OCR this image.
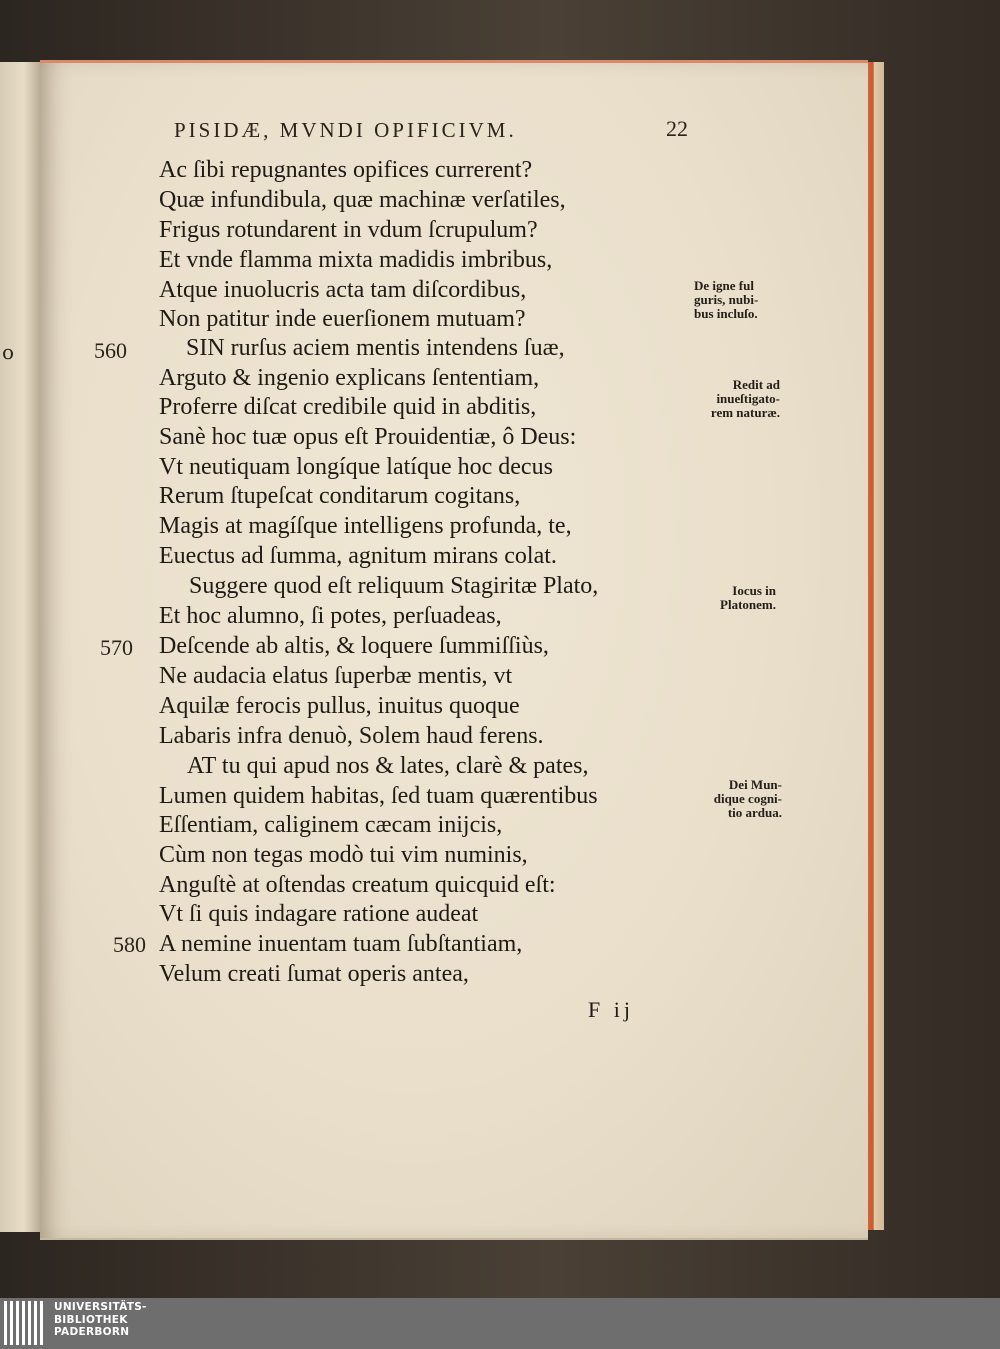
o
PISIDÆ, MVNDI OPIFICIVM.	22
Ac ſibi repugnantes opifices currerent?
Quæ infundibula, quæ machinæ verſatiles,
Frigus rotundarent in vdum ſcrupulum?
Et vnde flamma mixta madidis imbribus,
Atque inuolucris acta tam diſcordibus,
Non patitur inde euerſionem mutuam?
SIN rurſus aciem mentis intendens ſuæ,
Arguto & ingenio explicans ſententiam,
Proferre diſcat credibile quid in abditis,
Sanè hoc tuæ opus eſt Prouidentiæ, ô Deus:
Vt neutiquam longíque latíque hoc decus
Rerum ſtupeſcat conditarum cogitans,
Magis at magíſque intelligens profunda, te,
Euectus ad ſumma, agnitum mirans colat.
Suggere quod eſt reliquum Stagiritæ Plato,
Et hoc alumno, ſi potes, perſuadeas,
Deſcende ab altis, & loquere ſummiſſiùs,
Ne audacia elatus ſuperbæ mentis, vt
Aquilæ ferocis pullus, inuitus quoque
Labaris infra denuò, Solem haud ferens.
AT tu qui apud nos & lates, clarè & pates,
Lumen quidem habitas, ſed tuam quærentibus
Eſſentiam, caliginem cæcam inijcis,
Cùm non tegas modò tui vim numinis,
Anguſtè at oſtendas creatum quicquid eſt:
Vt ſi quis indagare ratione audeat
A nemine inuentam tuam ſubſtantiam,
Velum creati ſumat operis antea,
560
570
580
De igne ful
guris, nubi-
bus incluſo.
Redit ad
inueſtigato-
rem naturæ.
Iocus in
Platonem.
Dei Mun-
dique cogni-
tio ardua.
F ij
UNIVERSITÄTS-
BIBLIOTHEK
PADERBORN
